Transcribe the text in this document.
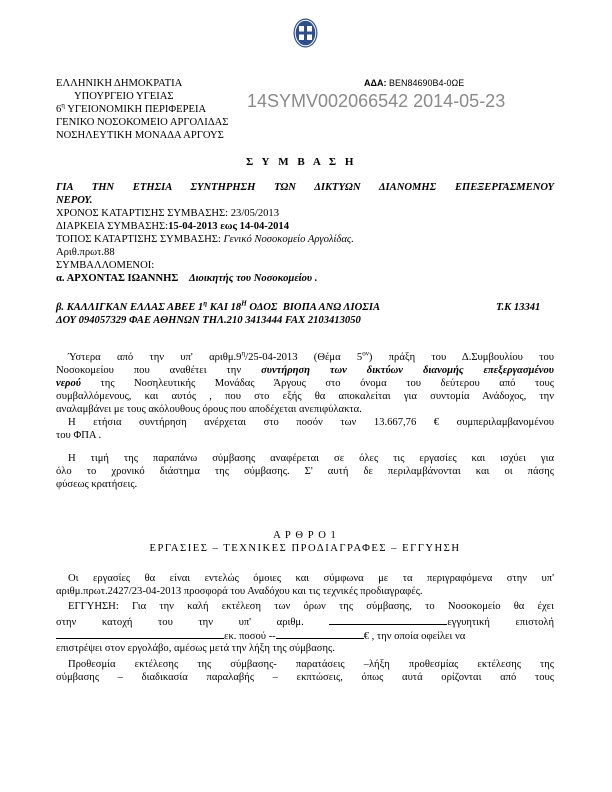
ΕΛΛΗΝΙΚΗ ΔΗΜΟΚΡΑΤΙΑ
ΥΠΟΥΡΓΕΙΟ ΥΓΕΙΑΣ
$6^\eta$ ΥΓΕΙΟΝΟΜΙΚΗ ΠΕΡΙΦΕΡΕΙΑ
ΓΕΝΙΚΟ ΝΟΣΟΚΟΜΕΙΟ ΑΡΓΟΛΙΔΑΣ
ΝΟΣΗΛΕΥΤΙΚΗ ΜΟΝΑΔΑ ΑΡΓΟΥΣ
ΑΔΑ: ΒΕΝ84690Β4-0ΩΕ
14SYMV002066542 2014-05-23
Σ Υ Μ Β Α Σ Η
ΓΙΑ ΤΗΝ ΕΤΗΣΙΑ ΣΥΝΤΗΡΗΣΗ ΤΩΝ ΔΙΚΤΥΩΝ ΔΙΑΝΟΜΗΣ ΕΠΕΞΕΡΓΑΣΜΕΝΟΥ
ΝΕΡΟΥ.
ΧΡΟΝΟΣ ΚΑΤΑΡΤΙΣΗΣ ΣΥΜΒΑΣΗΣ: 23/05/2013
ΔΙΑΡΚΕΙΑ ΣΥΜΒΑΣΗΣ:15-04-2013 εως 14-04-2014
ΤΟΠΟΣ ΚΑΤΑΡΤΙΣΗΣ ΣΥΜΒΑΣΗΣ: Γενικό Νοσοκομείο Αργολίδας.
Αριθ.πρωτ.88
ΣΥΜΒΑΛΛΟΜΕΝΟΙ:
α. ΑΡΧΟΝΤΑΣ ΙΩΑΝΝΗΣ Διοικητής του Νοσοκομείου .
β. ΚΑΛΛΙΓΚΑΝ ΕΛΛΑΣ ΑΒΕΕ $1^\eta$ ΚΑΙ $18^H$ ΟΔΟΣ  ΒΙΟΠΑ ΑΝΩ ΛΙΟΣΙΑ	Τ.Κ 13341
ΔΟΥ 094057329 ΦΑΕ ΑΘΗΝΩΝ ΤΗΛ.210 3413444 FAX 2103413050
Ύστερα από την υπ' $\alpha\rho\iota\theta\mu.9^\eta/25-04-2013$ (Θέμα $5^{o\nu}$) πράξη του Δ.Συμβουλίου του
Νοσοκομείου που αναθέτει την συντήρηση των δικτύων διανομής επεξεργασμένου
νερού της Νοσηλευτικής Μονάδας Άργους στο όνομα του δεύτερου από τους
συμβαλλόμενους, και αυτός , που στο εξής θα αποκαλείται για συντομία Ανάδοχος, την
αναλαμβάνει με τους ακόλουθους όρους που αποδέχεται ανεπιφύλακτα.
Η ετήσια συντήρηση ανέρχεται στο ποσόν των 13.667,76 € συμπεριλαμβανομένου
του ΦΠΑ .
Η τιμή της παραπάνω σύμβασης αναφέρεται σε όλες τις εργασίες και ισχύει για
όλο το χρονικό διάστημα της σύμβασης. Σ' αυτή δε περιλαμβάνονται και οι πάσης
φύσεως κρατήσεις.
Α Ρ Θ Ρ Ο 1
ΕΡΓΑΣΙΕΣ – ΤΕΧΝΙΚΕΣ ΠΡΟΔΙΑΓΡΑΦΕΣ – ΕΓΓΥΗΣΗ
Οι εργασίες θα είναι εντελώς όμοιες και σύμφωνα με τα περιγραφόμενα στην υπ'
αριθμ.πρωτ.2427/23-04-2013 προσφορά του Αναδόχου και τις τεχνικές προδιαγραφές.
ΕΓΓΥΗΣΗ: Για την καλή εκτέλεση των όρων της σύμβασης, το Νοσοκομείο θα έχει
στην κατοχή του την υπ' αριθμ.	εγγυητική επιστολή
εκ. ποσού --	€ , την οποία οφείλει να
επιστρέψει στον εργολάβο, αμέσως μετά την λήξη της σύμβασης.
Προθεσμία εκτέλεσης της σύμβασης- παρατάσεις –λήξη προθεσμίας εκτέλεσης της
σύμβασης – διαδικασία παραλαβής – εκπτώσεις, όπως αυτά ορίζονται από τους
